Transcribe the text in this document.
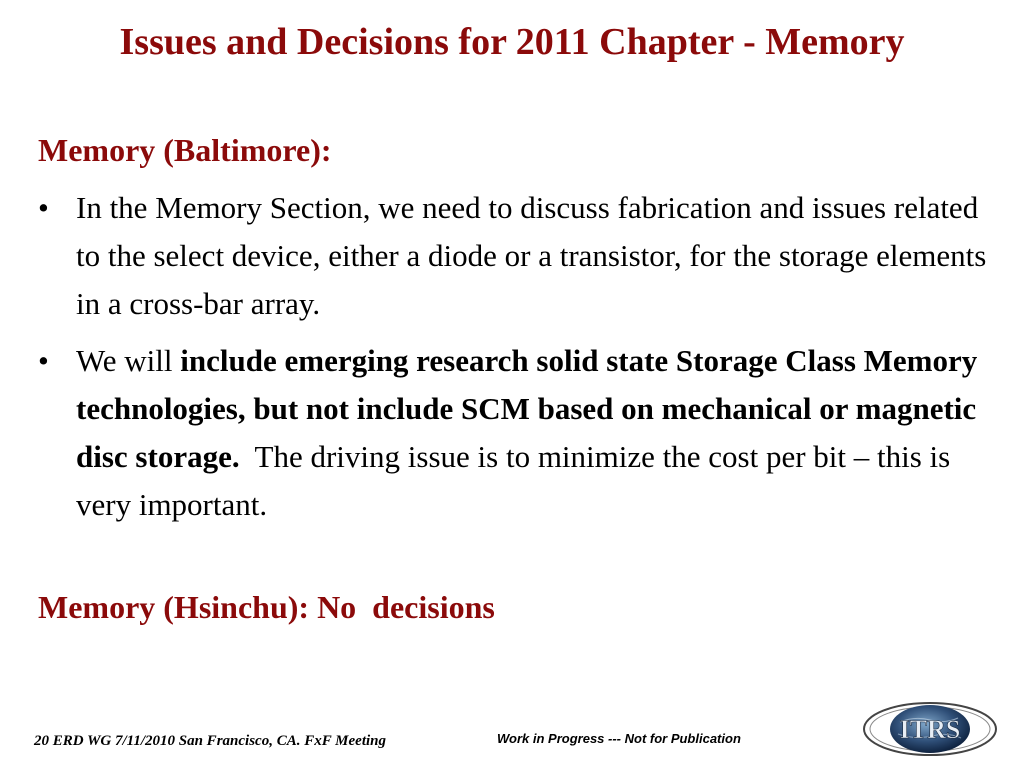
Issues and Decisions for 2011 Chapter - Memory
Memory (Baltimore):
• In the Memory Section, we need to discuss fabrication and issues related to the select device, either a diode or a transistor, for the storage elements in a cross-bar array.
• We will include emerging research solid state Storage Class Memory technologies, but not include SCM based on mechanical or magnetic disc storage.  The driving issue is to minimize the cost per bit – this is very important.
Memory (Hsinchu): No  decisions
20 ERD WG 7/11/2010 San Francisco, CA. FxF Meeting	Work in Progress --- Not for Publication	ITRS
